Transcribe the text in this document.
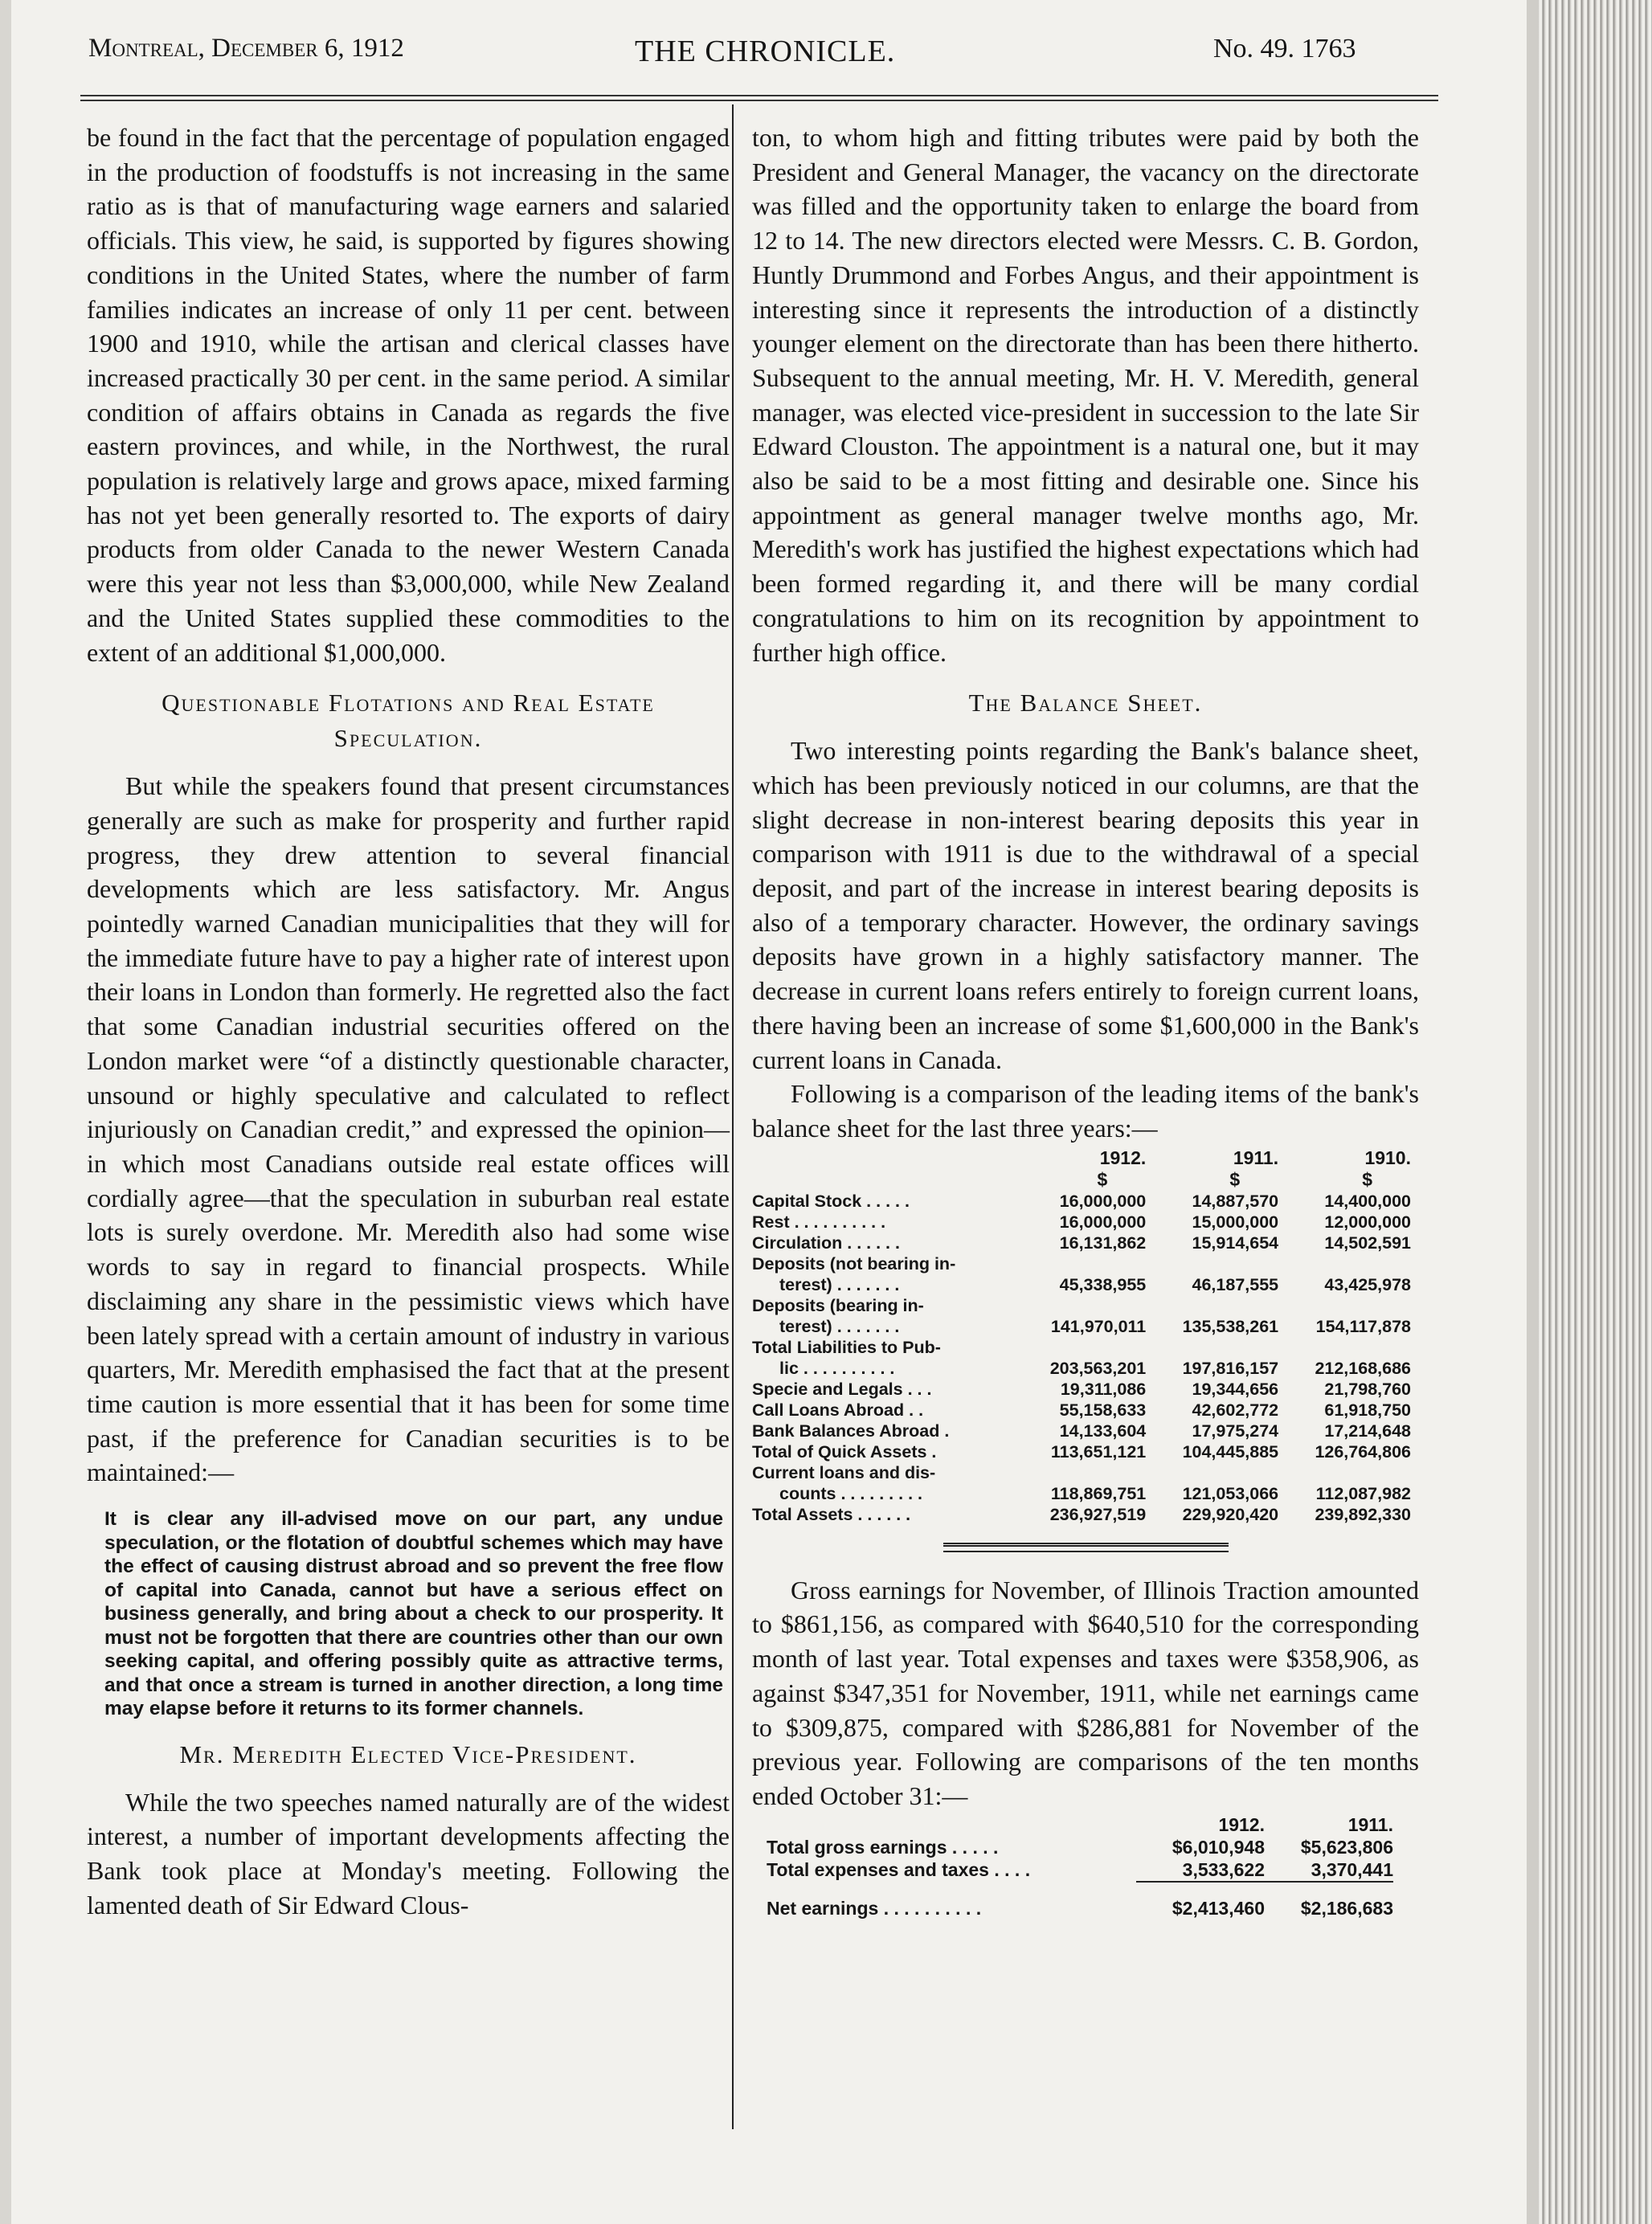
Montreal, December 6, 1912	THE CHRONICLE.	No. 49. 1763

be found in the fact that the percentage of population engaged in the production of foodstuffs is not increasing in the same ratio as is that of manufacturing wage earners and salaried officials. This view, he said, is supported by figures showing conditions in the United States, where the number of farm families indicates an increase of only 11 per cent. between 1900 and 1910, while the artisan and clerical classes have increased practically 30 per cent. in the same period. A similar condition of affairs obtains in Canada as regards the five eastern provinces, and while, in the Northwest, the rural population is relatively large and grows apace, mixed farming has not yet been generally resorted to. The exports of dairy products from older Canada to the newer Western Canada were this year not less than $3,000,000, while New Zealand and the United States supplied these commodities to the extent of an additional $1,000,000.

Questionable Flotations and Real Estate Speculation.

But while the speakers found that present circumstances generally are such as make for prosperity and further rapid progress, they drew attention to several financial developments which are less satisfactory. Mr. Angus pointedly warned Canadian municipalities that they will for the immediate future have to pay a higher rate of interest upon their loans in London than formerly. He regretted also the fact that some Canadian industrial securities offered on the London market were “of a distinctly questionable character, unsound or highly speculative and calculated to reflect injuriously on Canadian credit,” and expressed the opinion—in which most Canadians outside real estate offices will cordially agree—that the speculation in suburban real estate lots is surely overdone. Mr. Meredith also had some wise words to say in regard to financial prospects. While disclaiming any share in the pessimistic views which have been lately spread with a certain amount of industry in various quarters, Mr. Meredith emphasised the fact that at the present time caution is more essential that it has been for some time past, if the preference for Canadian securities is to be maintained:—

It is clear any ill-advised move on our part, any undue speculation, or the flotation of doubtful schemes which may have the effect of causing distrust abroad and so prevent the free flow of capital into Canada, cannot but have a serious effect on business generally, and bring about a check to our prosperity. It must not be forgotten that there are countries other than our own seeking capital, and offering possibly quite as attractive terms, and that once a stream is turned in another direction, a long time may elapse before it returns to its former channels.
Mr. Meredith Elected Vice-President.

While the two speeches named naturally are of the widest interest, a number of important developments affecting the Bank took place at Monday's meeting. Following the lamented death of Sir Edward Clous-

ton, to whom high and fitting tributes were paid by both the President and General Manager, the vacancy on the directorate was filled and the opportunity taken to enlarge the board from 12 to 14. The new directors elected were Messrs. C. B. Gordon, Huntly Drummond and Forbes Angus, and their appointment is interesting since it represents the introduction of a distinctly younger element on the directorate than has been there hitherto. Subsequent to the annual meeting, Mr. H. V. Meredith, general manager, was elected vice-president in succession to the late Sir Edward Clouston. The appointment is a natural one, but it may also be said to be a most fitting and desirable one. Since his appointment as general manager twelve months ago, Mr. Meredith's work has justified the highest expectations which had been formed regarding it, and there will be many cordial congratulations to him on its recognition by appointment to further high office.

The Balance Sheet.

Two interesting points regarding the Bank's balance sheet, which has been previously noticed in our columns, are that the slight decrease in non-interest bearing deposits this year in comparison with 1911 is due to the withdrawal of a special deposit, and part of the increase in interest bearing deposits is also of a temporary character. However, the ordinary savings deposits have grown in a highly satisfactory manner. The decrease in current loans refers entirely to foreign current loans, there having been an increase of some $1,600,000 in the Bank's current loans in Canada.

Following is a comparison of the leading items of the bank's balance sheet for the last three years:—

	1912.	1911.	1910.
	$	$	$
Capital Stock . . . . .	16,000,000	14,887,570	14,400,000
Rest . . . . . . . . . .	16,000,000	15,000,000	12,000,000
Circulation . . . . . .	16,131,862	15,914,654	14,502,591
Deposits (not bearing in-			
terest) . . . . . . .	45,338,955	46,187,555	43,425,978
Deposits (bearing in-			
terest) . . . . . . .	141,970,011	135,538,261	154,117,878
Total Liabilities to Pub-			
lic . . . . . . . . . .	203,563,201	197,816,157	212,168,686
Specie and Legals . . .	19,311,086	19,344,656	21,798,760
Call Loans Abroad . .	55,158,633	42,602,772	61,918,750
Bank Balances Abroad .	14,133,604	17,975,274	17,214,648
Total of Quick Assets .	113,651,121	104,445,885	126,764,806
Current loans and dis-			
counts . . . . . . . . .	118,869,751	121,053,066	112,087,982
Total Assets . . . . . .	236,927,519	229,920,420	239,892,330

Gross earnings for November, of Illinois Traction amounted to $861,156, as compared with $640,510 for the corresponding month of last year. Total expenses and taxes were $358,906, as against $347,351 for November, 1911, while net earnings came to $309,875, compared with $286,881 for November of the previous year. Following are comparisons of the ten months ended October 31:—

	1912.	1911.
Total gross earnings . . . . .	$6,010,948	$5,623,806
Total expenses and taxes . . . .	3,533,622	3,370,441

Net earnings . . . . . . . . . .	$2,413,460	$2,186,683
